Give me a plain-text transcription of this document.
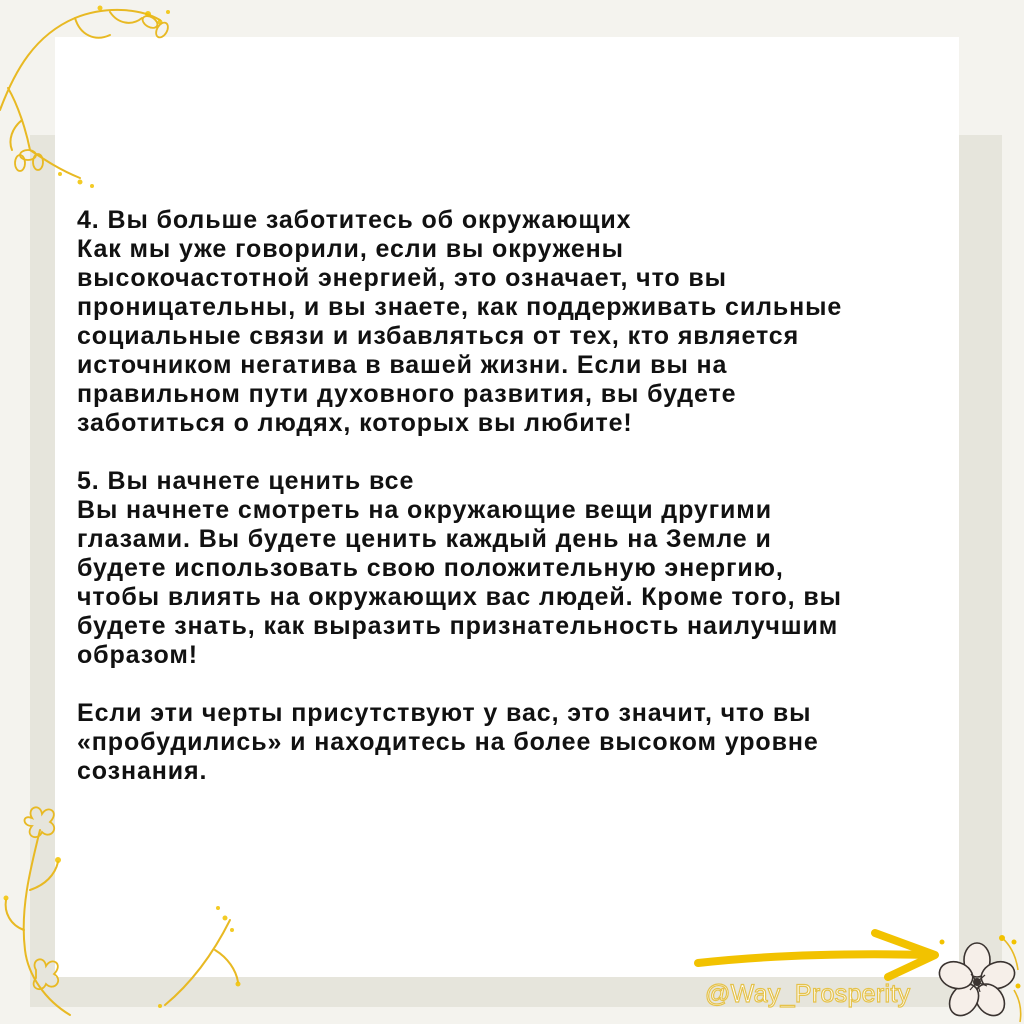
4. Вы больше заботитесь об окружающих

Как мы уже говорили, если вы окружены

высокочастотной энергией, это означает, что вы

проницательны, и вы знаете, как поддерживать сильные

социальные связи и избавляться от тех, кто является

источником негатива в вашей жизни. Если вы на

правильном пути духовного развития, вы будете

заботиться о людях, которых вы любите!

5. Вы начнете ценить все

Вы начнете смотреть на окружающие вещи другими

глазами. Вы будете ценить каждый день на Земле и

будете использовать свою положительную энергию,

чтобы влиять на окружающих вас людей. Кроме того, вы

будете знать, как выразить признательность наилучшим

образом!

Если эти черты присутствуют у вас, это значит, что вы

«пробудились» и находитесь на более высоком уровне

сознания.

@Way_Prosperity
